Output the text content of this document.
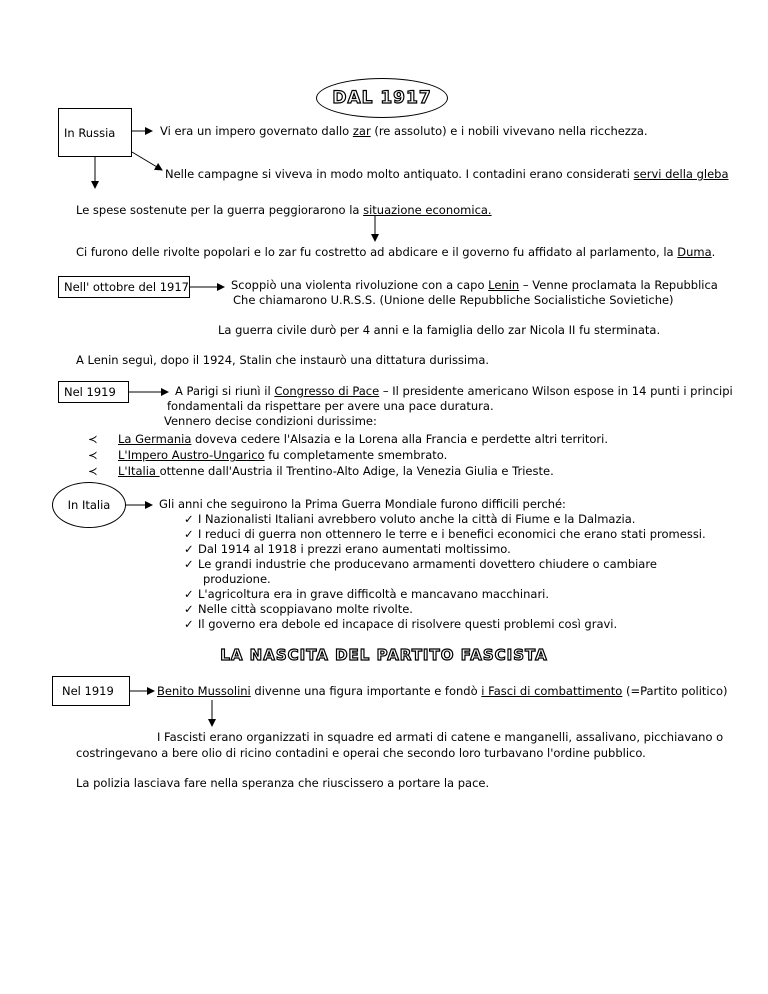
DAL 1917
In Russia	Vi era un impero governato dallo zar (re assoluto) e i nobili vivevano nella ricchezza.
Nelle campagne si viveva in modo molto antiquato. I contadini erano considerati servi della gleba
Le spese sostenute per la guerra peggiorarono la situazione economica.
Ci furono delle rivolte popolari e lo zar fu costretto ad abdicare e il governo fu affidato al parlamento, la Duma.
Nell' ottobre del 1917	Scoppiò una violenta rivoluzione con a capo Lenin – Venne proclamata la Repubblica
Che chiamarono U.R.S.S. (Unione delle Repubbliche Socialistiche Sovietiche)
La guerra civile durò per 4 anni e la famiglia dello zar Nicola II fu sterminata.
A Lenin seguì, dopo il 1924, Stalin che instaurò una dittatura durissima.
Nel 1919	A Parigi si riunì il Congresso di Pace – Il presidente americano Wilson espose in 14 punti i principi
fondamentali da rispettare per avere una pace duratura.
Vennero decise condizioni durissime:
≺ La Germania doveva cedere l'Alsazia e la Lorena alla Francia e perdette altri territori.
≺ L'Impero Austro-Ungarico fu completamente smembrato.
≺ L'Italia ottenne dall'Austria il Trentino-Alto Adige, la Venezia Giulia e Trieste.
In Italia	Gli anni che seguirono la Prima Guerra Mondiale furono difficili perché:
✓ I Nazionalisti Italiani avrebbero voluto anche la città di Fiume e la Dalmazia.
✓ I reduci di guerra non ottennero le terre e i benefici economici che erano stati promessi.
✓ Dal 1914 al 1918 i prezzi erano aumentati moltissimo.
✓ Le grandi industrie che producevano armamenti dovettero chiudere o cambiare
produzione.
✓ L'agricoltura era in grave difficoltà e mancavano macchinari.
✓ Nelle città scoppiavano molte rivolte.
✓ Il governo era debole ed incapace di risolvere questi problemi così gravi.
LA NASCITA DEL PARTITO FASCISTA
Nel 1919	Benito Mussolini divenne una figura importante e fondò i Fasci di combattimento (=Partito politico)
I Fascisti erano organizzati in squadre ed armati di catene e manganelli, assalivano, picchiavano o
costringevano a bere olio di ricino contadini e operai che secondo loro turbavano l'ordine pubblico.
La polizia lasciava fare nella speranza che riuscissero a portare la pace.
